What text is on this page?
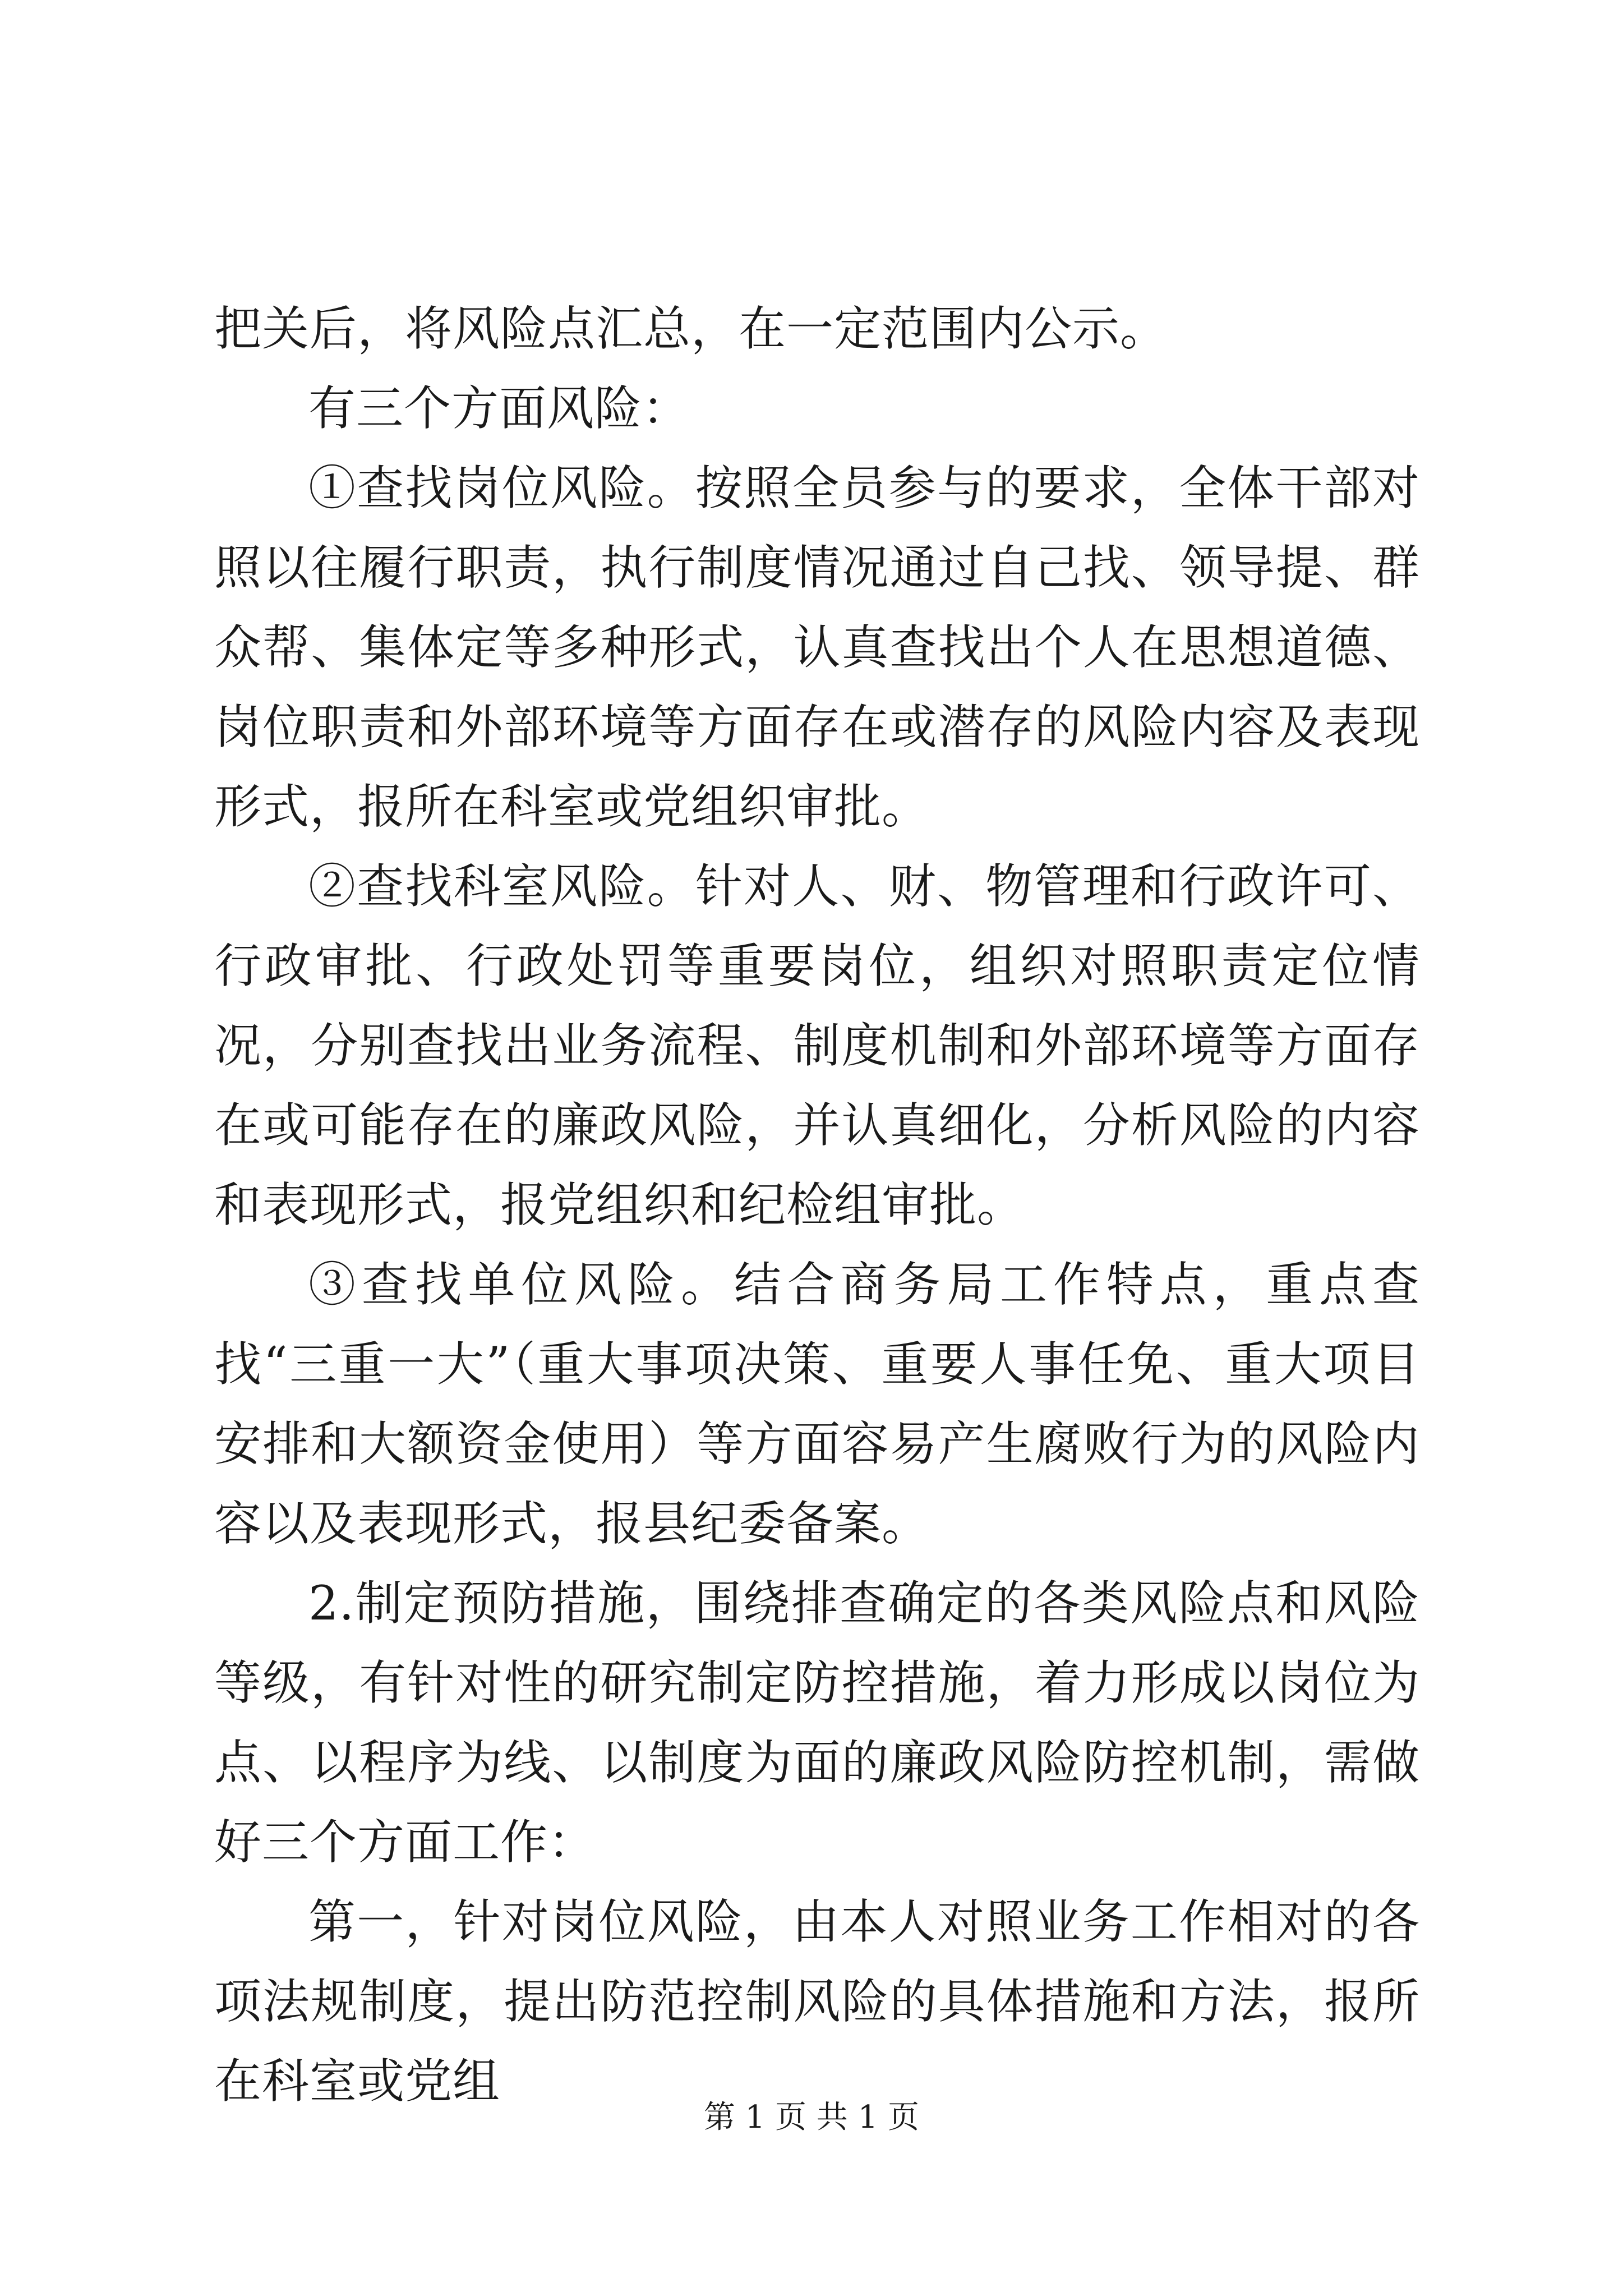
把关后，将风险点汇总，在一定范围内公示。

有三个方面风险：

①查找岗位风险。按照全员参与的要求，全体干部对照以往履行职责，执行制度情况通过自己找、领导提、群众帮、集体定等多种形式，认真查找出个人在思想道德、岗位职责和外部环境等方面存在或潜存的风险内容及表现形式，报所在科室或党组织审批。

②查找科室风险。针对人、财、物管理和行政许可、行政审批、行政处罚等重要岗位，组织对照职责定位情况，分别查找出业务流程、制度机制和外部环境等方面存在或可能存在的廉政风险，并认真细化，分析风险的内容和表现形式，报党组织和纪检组审批。

③查找单位风险。结合商务局工作特点，重点查找“三重一大”（重大事项决策、重要人事任免、重大项目安排和大额资金使用）等方面容易产生腐败行为的风险内容以及表现形式，报县纪委备案。

2.制定预防措施，围绕排查确定的各类风险点和风险等级，有针对性的研究制定防控措施，着力形成以岗位为点、以程序为线、以制度为面的廉政风险防控机制，需做好三个方面工作：

第一，针对岗位风险，由本人对照业务工作相对的各项法规制度，提出防范控制风险的具体措施和方法，报所在科室或党组

第 1 页 共 1 页
